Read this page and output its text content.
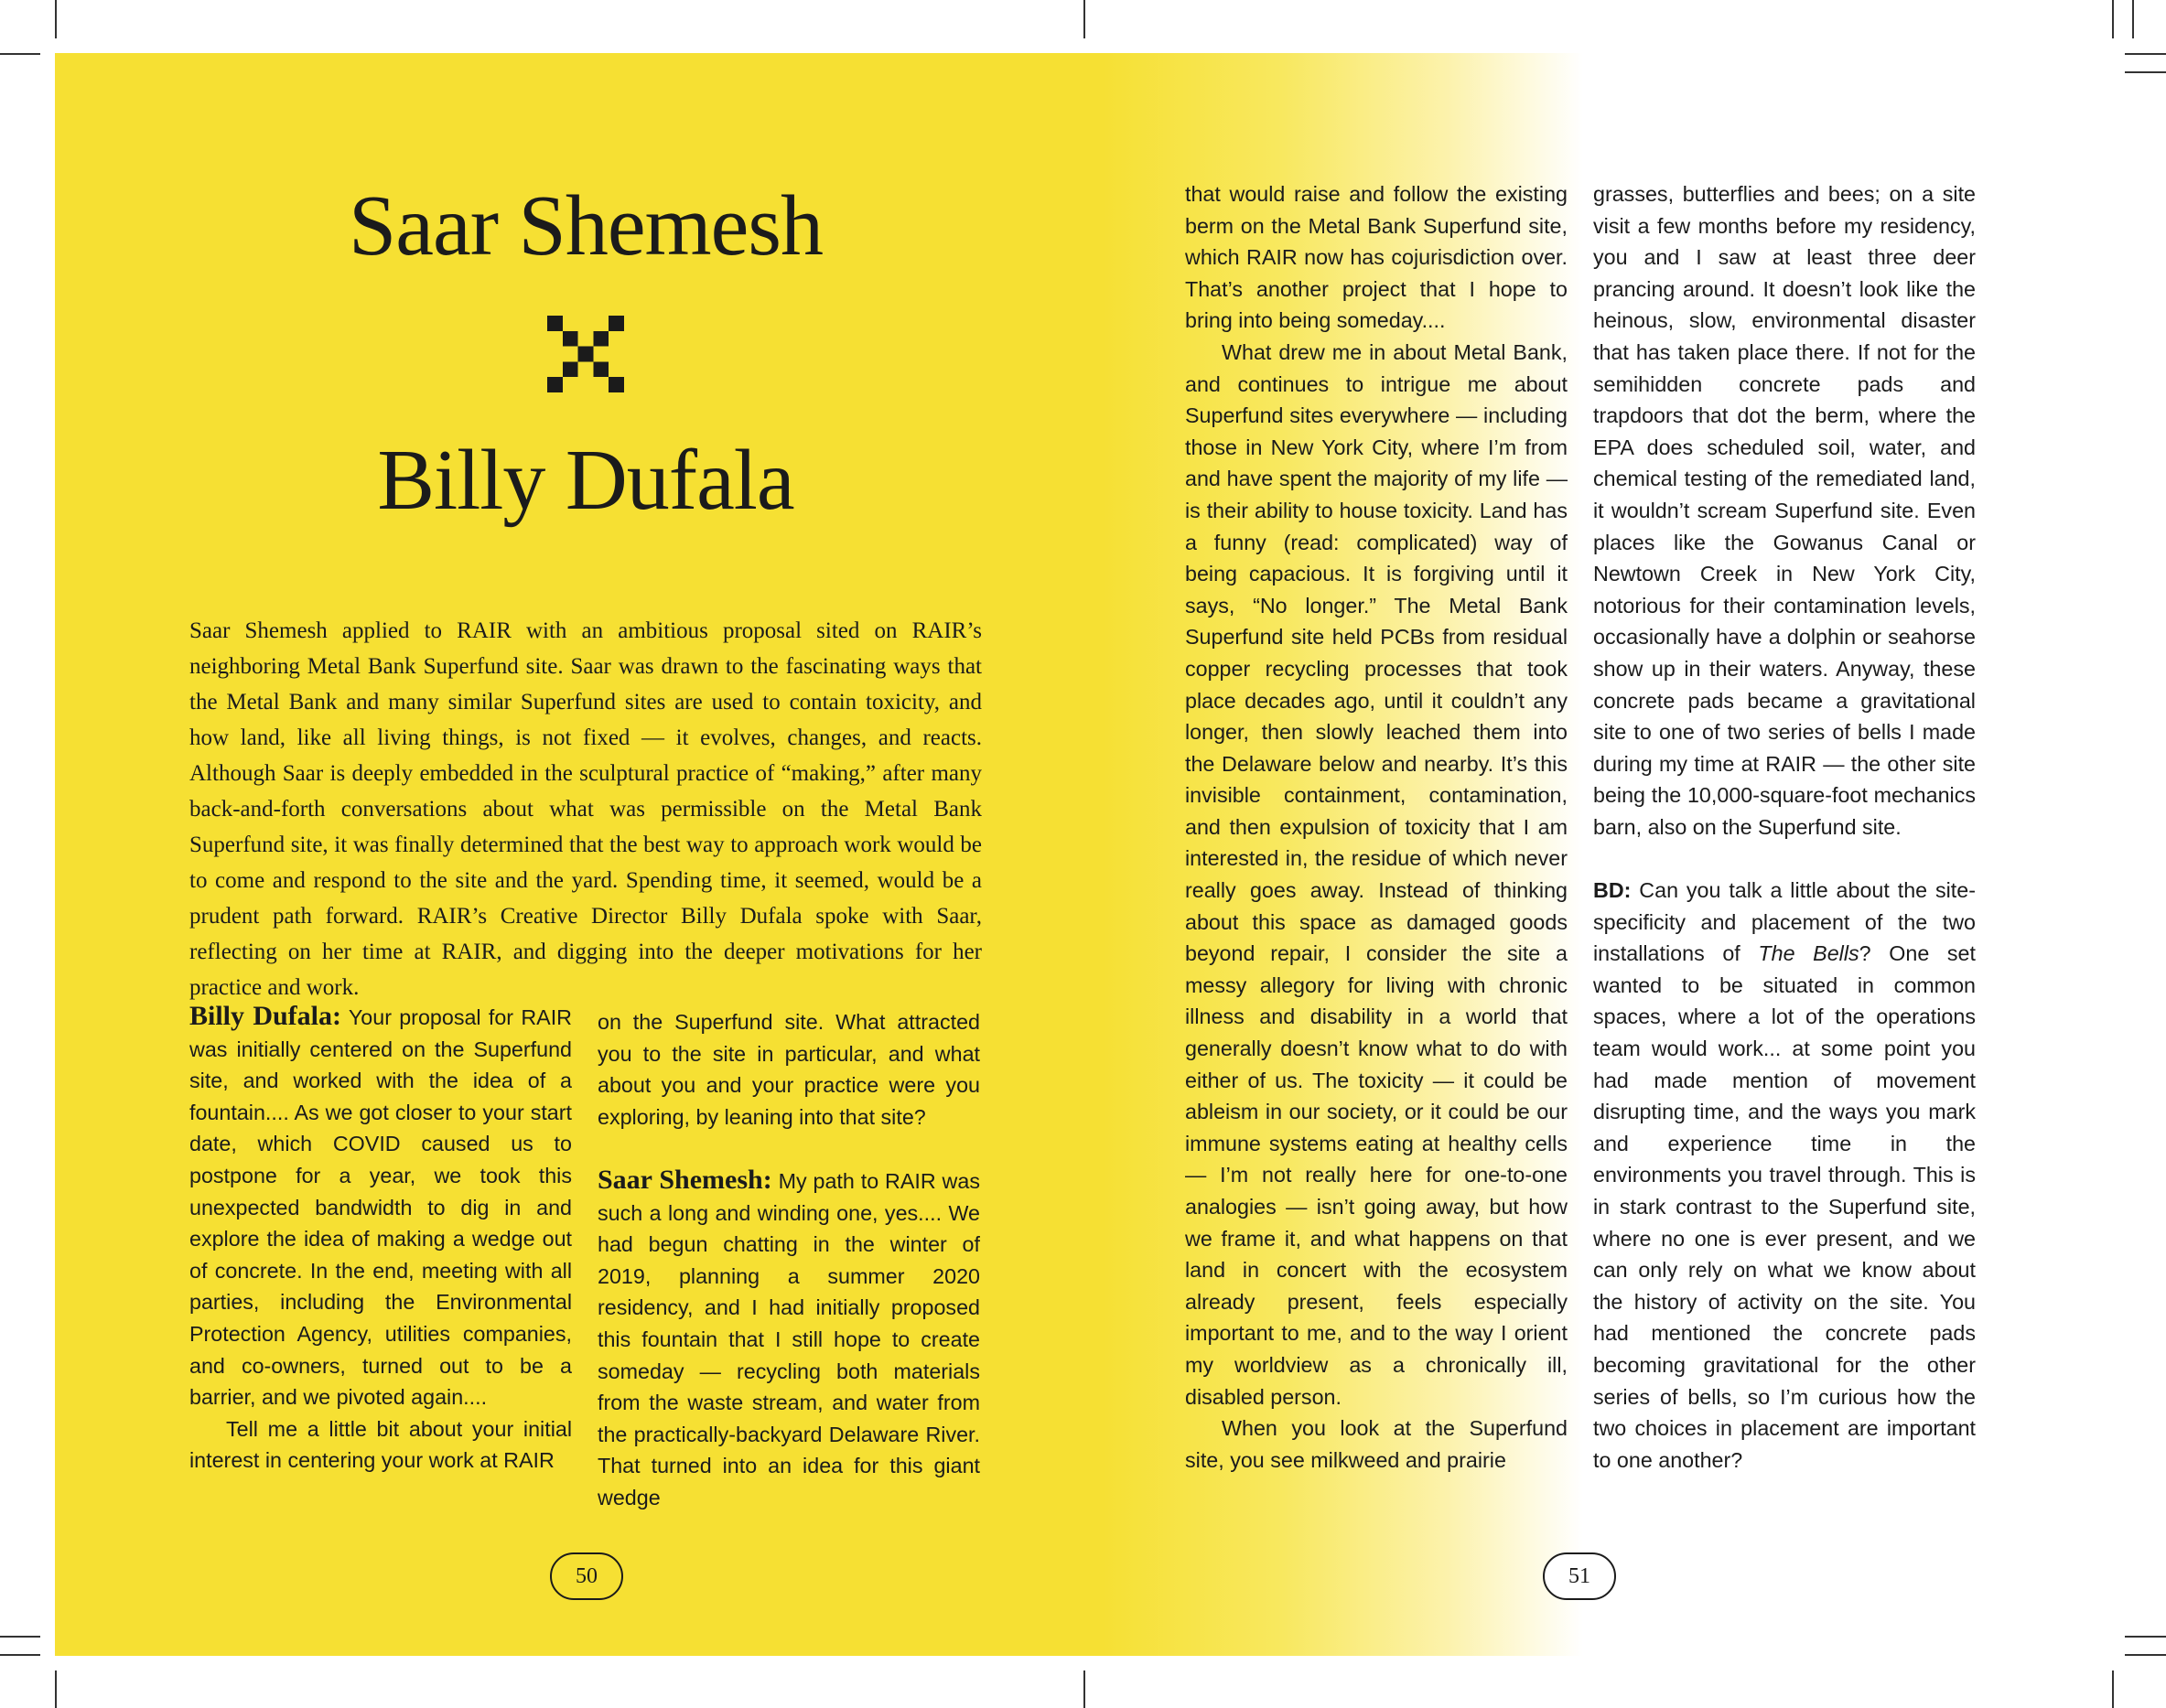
Saar Shemesh
Billy Dufala
Saar Shemesh applied to RAIR with an ambitious proposal sited on RAIR’s neighboring Metal Bank Superfund site. Saar was drawn to the fascinating ways that the Metal Bank and many similar Superfund sites are used to contain toxicity, and how land, like all living things, is not fixed — it evolves, changes, and reacts. Although Saar is deeply embedded in the sculptural practice of “making,” after many back-and-forth conversations about what was permissible on the Metal Bank Superfund site, it was finally determined that the best way to approach work would be to come and respond to the site and the yard. Spending time, it seemed, would be a prudent path forward. RAIR’s Creative Director Billy Dufala spoke with Saar, reflecting on her time at RAIR, and digging into the deeper motivations for her practice and work.

Billy Dufala: Your proposal for RAIR was initially centered on the Superfund site, and worked with the idea of a fountain.... As we got closer to your start date, which COVID caused us to postpone for a year, we took this unexpected bandwidth to dig in and explore the idea of making a wedge out of concrete. In the end, meeting with all parties, including the Environmental Protection Agency, utilities companies, and co-owners, turned out to be a barrier, and we pivoted again....

Tell me a little bit about your initial interest in centering your work at RAIR

on the Superfund site. What attracted you to the site in particular, and what about you and your practice were you exploring, by leaning into that site?

Saar Shemesh: My path to RAIR was such a long and winding one, yes.... We had begun chatting in the winter of 2019, planning a summer 2020 residency, and I had initially proposed this fountain that I still hope to create someday — recycling both materials from the waste stream, and water from the practically-backyard Delaware River. That turned into an idea for this giant wedge

50

that would raise and follow the existing berm on the Metal Bank Superfund site, which RAIR now has cojurisdiction over. That’s another project that I hope to bring into being someday....

What drew me in about Metal Bank, and continues to intrigue me about Superfund sites everywhere — including those in New York City, where I’m from and have spent the majority of my life — is their ability to house toxicity. Land has a funny (read: complicated) way of being capacious. It is forgiving until it says, “No longer.” The Metal Bank Superfund site held PCBs from residual copper recycling processes that took place decades ago, until it couldn’t any longer, then slowly leached them into the Delaware below and nearby. It’s this invisible containment, contamination, and then expulsion of toxicity that I am interested in, the residue of which never really goes away. Instead of thinking about this space as damaged goods beyond repair, I consider the site a messy allegory for living with chronic illness and disability in a world that generally doesn’t know what to do with either of us. The toxicity — it could be ableism in our society, or it could be our immune systems eating at healthy cells — I’m not really here for one-to-one analogies — isn’t going away, but how we frame it, and what happens on that land in concert with the ecosystem already present, feels especially important to me, and to the way I orient my worldview as a chronically ill, disabled person.

When you look at the Superfund site, you see milkweed and prairie

grasses, butterflies and bees; on a site visit a few months before my residency, you and I saw at least three deer prancing around. It doesn’t look like the heinous, slow, environmental disaster that has taken place there. If not for the semihidden concrete pads and trapdoors that dot the berm, where the EPA does scheduled soil, water, and chemical testing of the remediated land, it wouldn’t scream Superfund site. Even places like the Gowanus Canal or Newtown Creek in New York City, notorious for their contamination levels, occasionally have a dolphin or seahorse show up in their waters. Anyway, these concrete pads became a gravitational site to one of two series of bells I made during my time at RAIR — the other site being the 10,000-square-foot mechanics barn, also on the Superfund site.

BD: Can you talk a little about the site-specificity and placement of the two installations of The Bells? One set wanted to be situated in common spaces, where a lot of the operations team would work... at some point you had made mention of movement disrupting time, and the ways you mark and experience time in the environments you travel through. This is in stark contrast to the Superfund site, where no one is ever present, and we can only rely on what we know about the history of activity on the site. You had mentioned the concrete pads becoming gravitational for the other series of bells, so I’m curious how the two choices in placement are important to one another?

51
